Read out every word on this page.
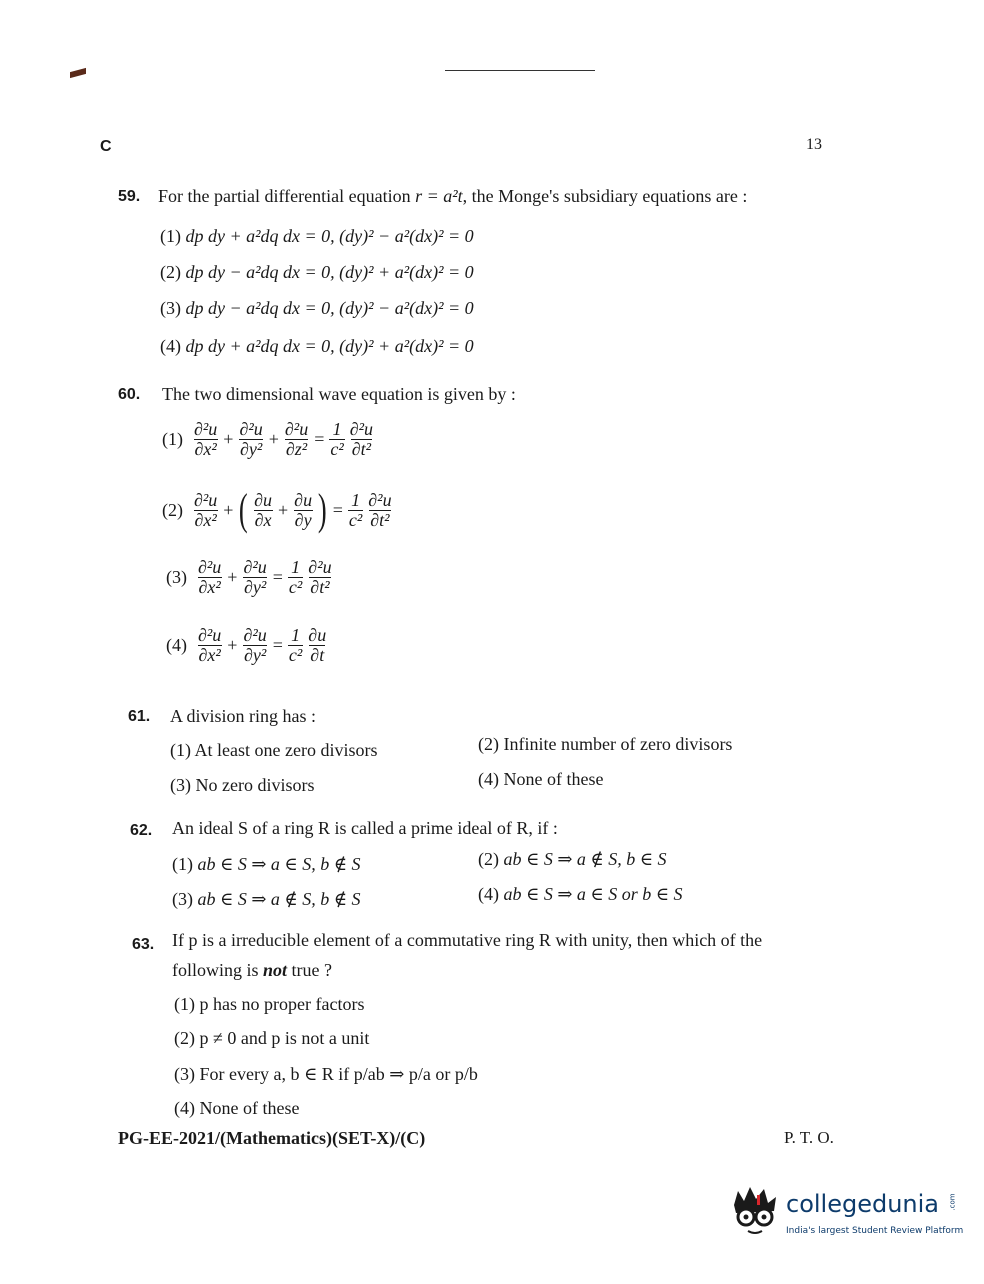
C	13
59. For the partial differential equation r = a²t, the Monge's subsidiary equations are :
(1) dp dy + a²dq dx = 0, (dy)² − a²(dx)² = 0
(2) dp dy − a²dq dx = 0, (dy)² + a²(dx)² = 0
(3) dp dy − a²dq dx = 0, (dy)² − a²(dx)² = 0
(4) dp dy + a²dq dx = 0, (dy)² + a²(dx)² = 0
60. The two dimensional wave equation is given by :
$(1) \frac{\text{∂²u}}{\text{∂x²}} + \frac{\text{∂²u}}{\text{∂y²}} + \frac{\text{∂²u}}{\text{∂z²}} = \frac{1}{\text{c²}} \frac{\text{∂²u}}{\text{∂t²}}$
$(2) \frac{\text{∂²u}}{\text{∂x²}}$ + ( $\frac{\partial u}{\partial x} + \frac{\partial u}{\partial y}$ ) = $\frac{1}{\text{c²}} \frac{\text{∂²u}}{\text{∂t²}}$
$(3) \frac{\text{∂²u}}{\text{∂x²}} + \frac{\text{∂²u}}{\text{∂y²}} = \frac{1}{\text{c²}} \frac{\text{∂²u}}{\text{∂t²}}$
$(4) \frac{\text{∂²u}}{\text{∂x²}} + \frac{\text{∂²u}}{\text{∂y²}} = \frac{1}{\text{c²}} \frac{\partial u}{\partial t}$
61. A division ring has :
(1) At least one zero divisors	(2) Infinite number of zero divisors
(3) No zero divisors	(4) None of these
62. An ideal S of a ring R is called a prime ideal of R, if :
(1) ab ∈ S ⇒ a ∈ S, b ∉ S	(2) ab ∈ S ⇒ a ∉ S, b ∈ S
(3) ab ∈ S ⇒ a ∉ S, b ∉ S	(4) ab ∈ S ⇒ a ∈ S or b ∈ S
63. If p is a irreducible element of a commutative ring R with unity, then which of the
following is not true ?
(1) p has no proper factors
(2) p ≠ 0 and p is not a unit
(3) For every a, b ∈ R if p/ab ⇒ p/a or p/b
(4) None of these
PG-EE-2021/(Mathematics)(SET-X)/(C)	P. T. O.
collegedunia .com
India's largest Student Review Platform
